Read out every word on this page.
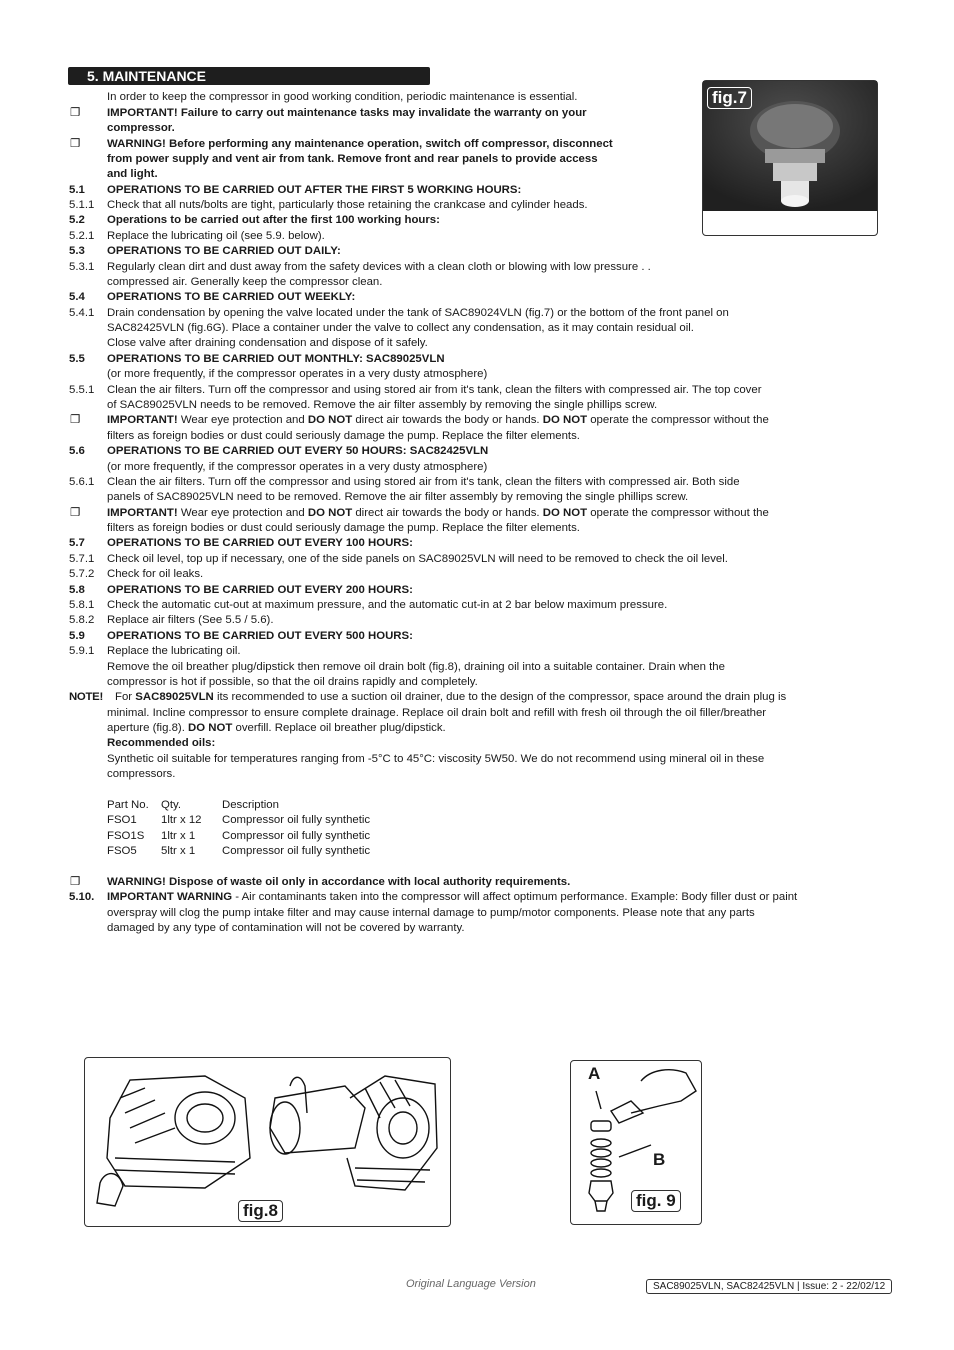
5. MAINTENANCE
In order to keep the compressor in good working condition, periodic maintenance is essential.
❐ IMPORTANT! Failure to carry out maintenance tasks may invalidate the warranty on your
compressor.
❐ WARNING! Before performing any maintenance operation, switch off compressor, disconnect
from power supply and vent air from tank. Remove front and rear panels to provide access
and light.
5.1 OPERATIONS TO BE CARRIED OUT AFTER THE FIRST 5 WORKING HOURS:
5.1.1 Check that all nuts/bolts are tight, particularly those retaining the crankcase and cylinder heads.
5.2 Operations to be carried out after the first 100 working hours:
5.2.1 Replace the lubricating oil (see 5.9. below).
5.3 OPERATIONS TO BE CARRIED OUT DAILY:
5.3.1 Regularly clean dirt and dust away from the safety devices with a clean cloth or blowing with low pressure . .
compressed air. Generally keep the compressor clean.
5.4 OPERATIONS TO BE CARRIED OUT WEEKLY:
5.4.1 Drain condensation by opening the valve located under the tank of SAC89024VLN (fig.7) or the bottom of the front panel on
SAC82425VLN (fig.6G). Place a container under the valve to collect any condensation, as it may contain residual oil.
Close valve after draining condensation and dispose of it safely.
5.5 OPERATIONS TO BE CARRIED OUT MONTHLY: SAC89025VLN
(or more frequently, if the compressor operates in a very dusty atmosphere)
5.5.1 Clean the air filters. Turn off the compressor and using stored air from it's tank, clean the filters with compressed air. The top cover
of SAC89025VLN needs to be removed. Remove the air filter assembly by removing the single phillips screw.
❐ IMPORTANT! Wear eye protection and DO NOT direct air towards the body or hands. DO NOT operate the compressor without the
filters as foreign bodies or dust could seriously damage the pump. Replace the filter elements.
5.6 OPERATIONS TO BE CARRIED OUT EVERY 50 HOURS: SAC82425VLN
(or more frequently, if the compressor operates in a very dusty atmosphere)
5.6.1 Clean the air filters. Turn off the compressor and using stored air from it's tank, clean the filters with compressed air. Both side
panels of SAC89025VLN need to be removed. Remove the air filter assembly by removing the single phillips screw.
❐ IMPORTANT! Wear eye protection and DO NOT direct air towards the body or hands. DO NOT operate the compressor without the
filters as foreign bodies or dust could seriously damage the pump. Replace the filter elements.
5.7 OPERATIONS TO BE CARRIED OUT EVERY 100 HOURS:
5.7.1 Check oil level, top up if necessary, one of the side panels on SAC89025VLN will need to be removed to check the oil level.
5.7.2 Check for oil leaks.
5.8 OPERATIONS TO BE CARRIED OUT EVERY 200 HOURS:
5.8.1 Check the automatic cut-out at maximum pressure, and the automatic cut-in at 2 bar below maximum pressure.
5.8.2 Replace air filters (See 5.5 / 5.6).
5.9 OPERATIONS TO BE CARRIED OUT EVERY 500 HOURS:
5.9.1 Replace the lubricating oil.
Remove the oil breather plug/dipstick then remove oil drain bolt (fig.8), draining oil into a suitable container. Drain when the
compressor is hot if possible, so that the oil drains rapidly and completely.
NOTE! For SAC89025VLN its recommended to use a suction oil drainer, due to the design of the compressor, space around the drain plug is
minimal. Incline compressor to ensure complete drainage. Replace oil drain bolt and refill with fresh oil through the oil filler/breather
aperture (fig.8). DO NOT overfill. Replace oil breather plug/dipstick.
Recommended oils:
Synthetic oil suitable for temperatures ranging from -5°C to 45°C: viscosity 5W50. We do not recommend using mineral oil in these
compressors.
Part No. Qty.	Description
FSO1 1ltr x 12 Compressor oil fully synthetic
FSO1S 1ltr x 1 Compressor oil fully synthetic
FSO5 5ltr x 1 Compressor oil fully synthetic
❐ WARNING! Dispose of waste oil only in accordance with local authority requirements.
5.10. IMPORTANT WARNING - Air contaminants taken into the compressor will affect optimum performance. Example: Body filler dust or paint
overspray will clog the pump intake filter and may cause internal damage to pump/motor components. Please note that any parts
damaged by any type of contamination will not be covered by warranty.
fig.7
fig.8
A
B
fig. 9
Original Language Version	SAC89025VLN, SAC82425VLN | Issue: 2 - 22/02/12
